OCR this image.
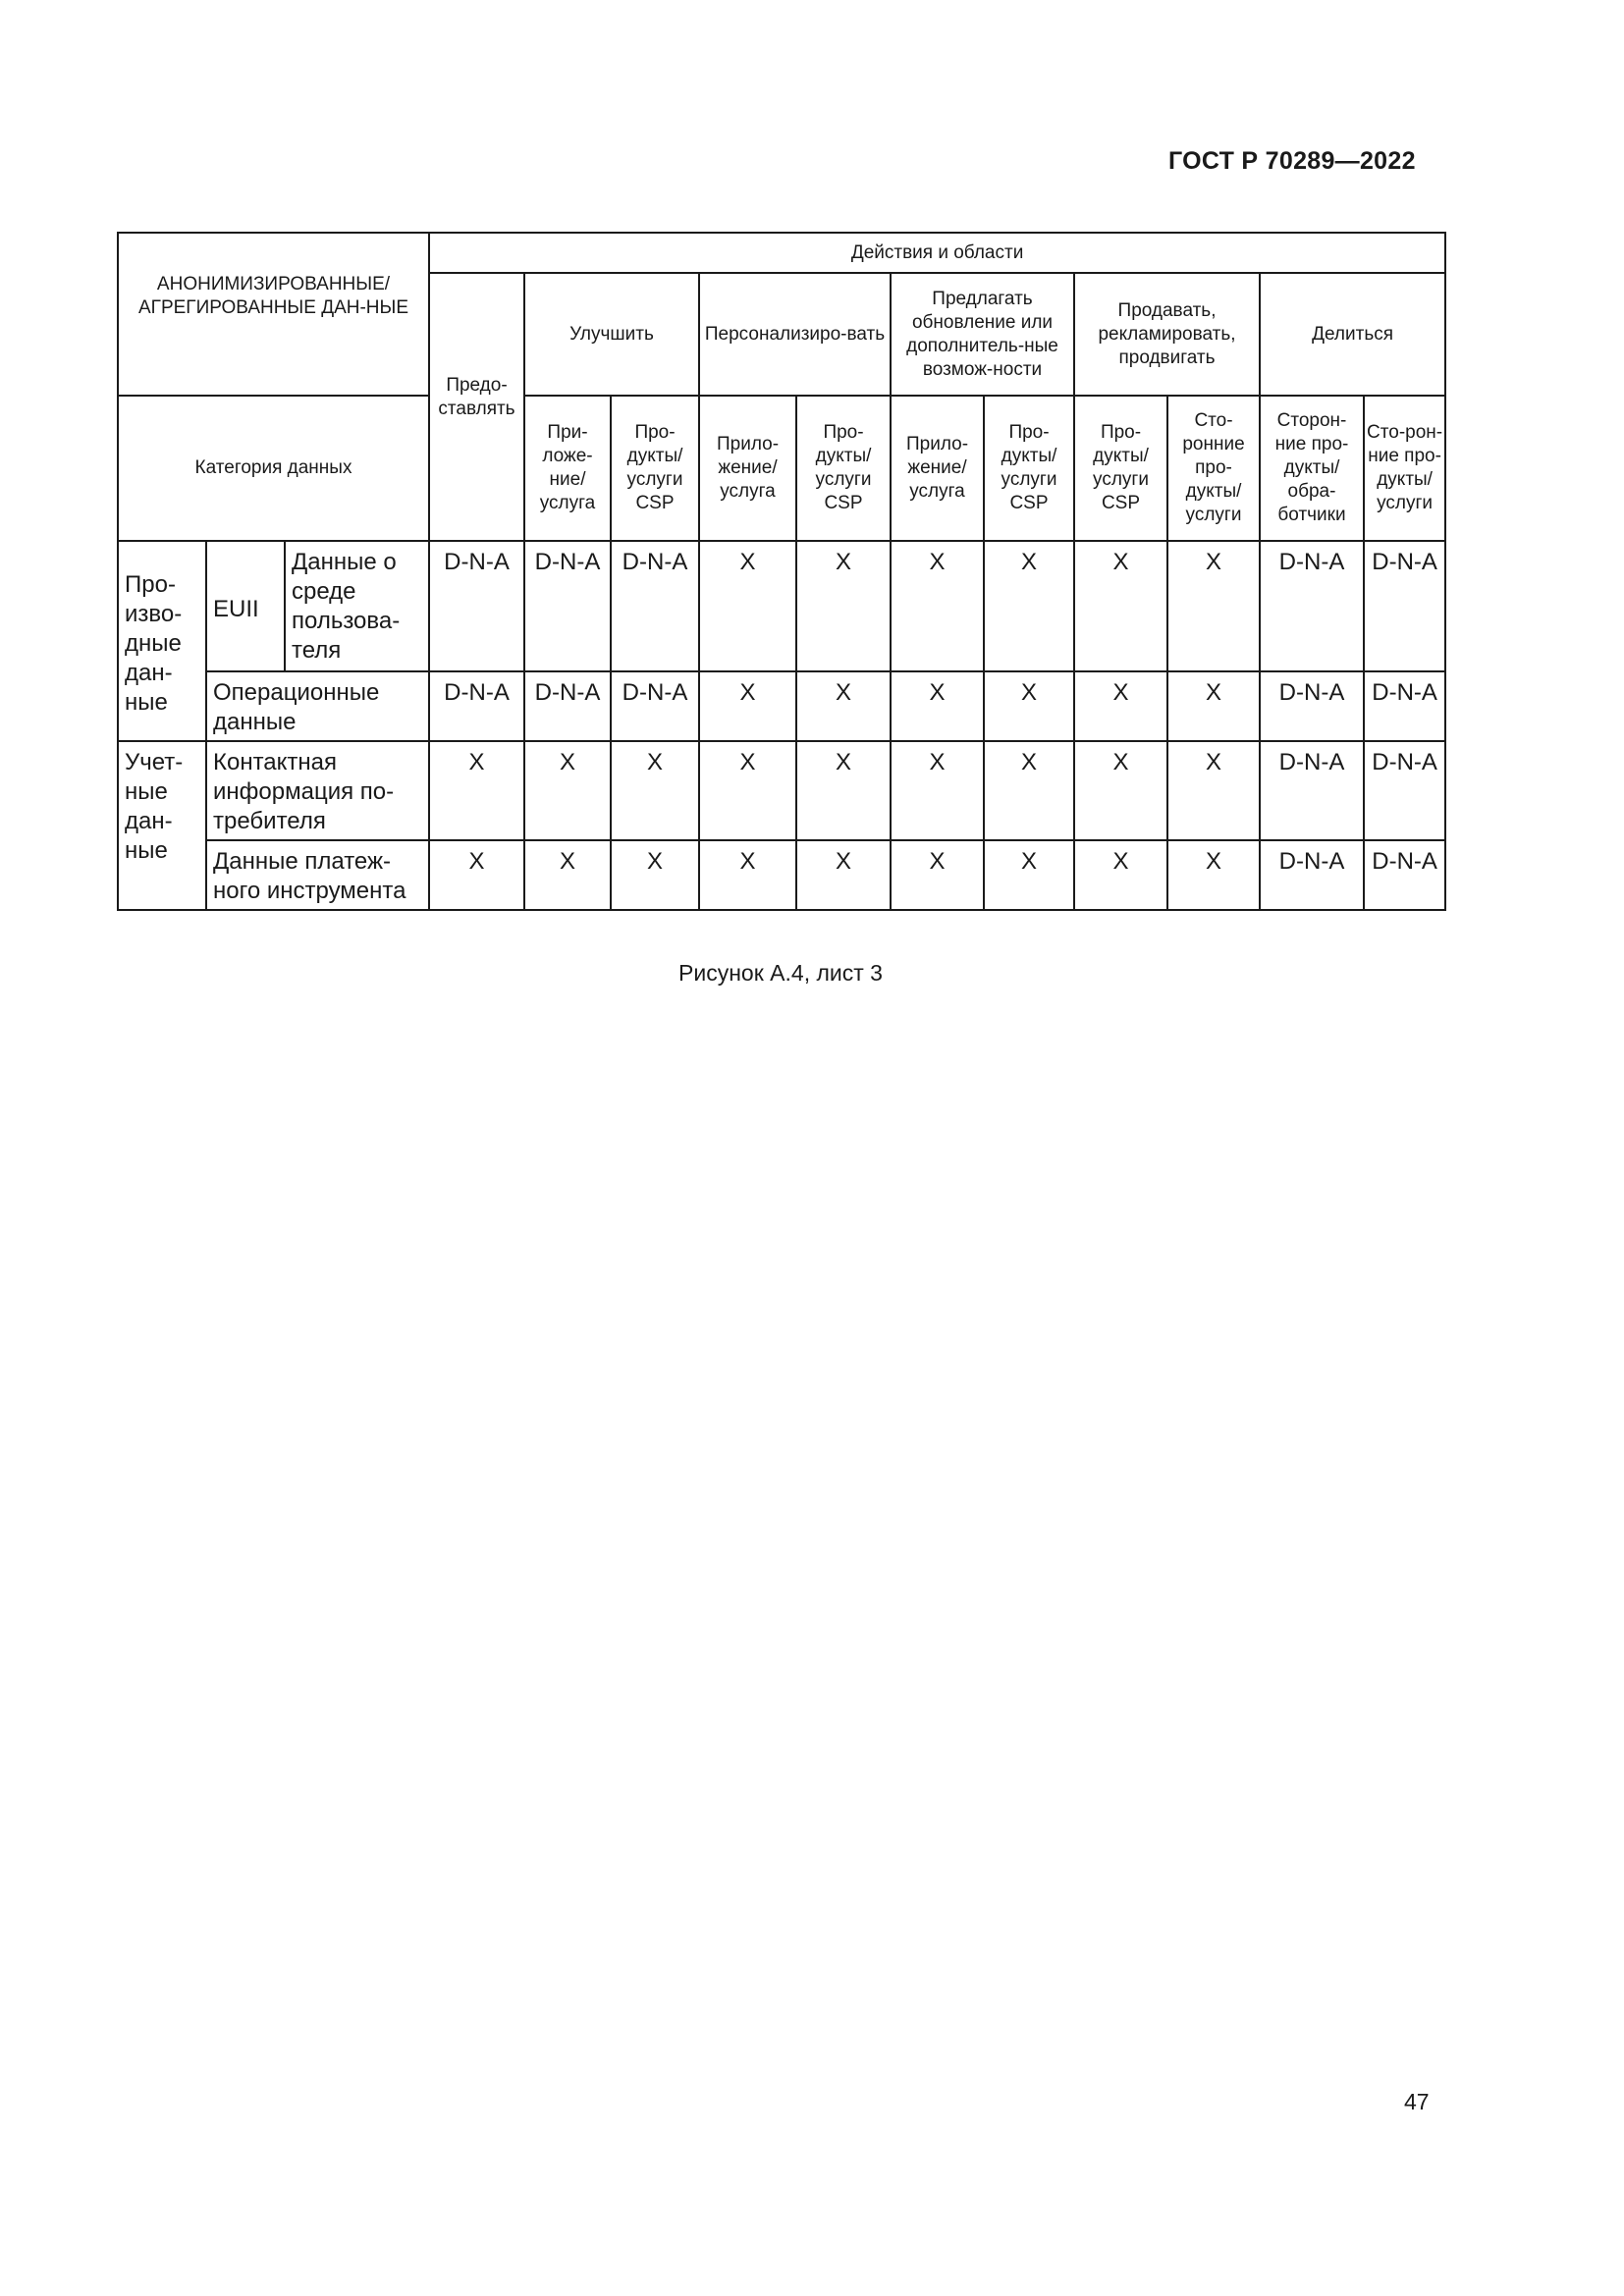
ГОСТ Р 70289—2022
АНОНИМИЗИРОВАННЫЕ/ АГРЕГИРОВАННЫЕ ДАН-НЫЕ			Действия и области										

			Предо-ставлять	Улучшить		Персонализиро-вать		Предлагать обновление или дополнитель-ные возмож-ности		Продавать, рекламировать, продвигать		Делиться	
Категория данных				При-ложе-ние/ услуга	Про-дукты/ услуги CSP	Прило-жение/ услуга	Про-дукты/ услуги CSP	Прило-жение/ услуга	Про-дукты/ услуги CSP	Про-дукты/ услуги CSP	Сто-ронние про-дукты/ услуги	Сторон-ние про-дукты/ обра-ботчики	Сто-рон-ние про-дукты/ услуги
Про-изво-дные дан-ные	EUII	Данные о среде пользова-теля	D-N-A	D-N-A	D-N-A	X	X	X	X	X	X	D-N-A	D-N-A
	Операционные данные		D-N-A	D-N-A	D-N-A	X	X	X	X	X	X	D-N-A	D-N-A
Учет-ные дан-ные	Контактная информация по-требителя		X	X	X	X	X	X	X	X	X	D-N-A	D-N-A
	Данные платеж-ного инструмента		X	X	X	X	X	X	X	X	X	D-N-A	D-N-A
Рисунок А.4, лист 3
47
